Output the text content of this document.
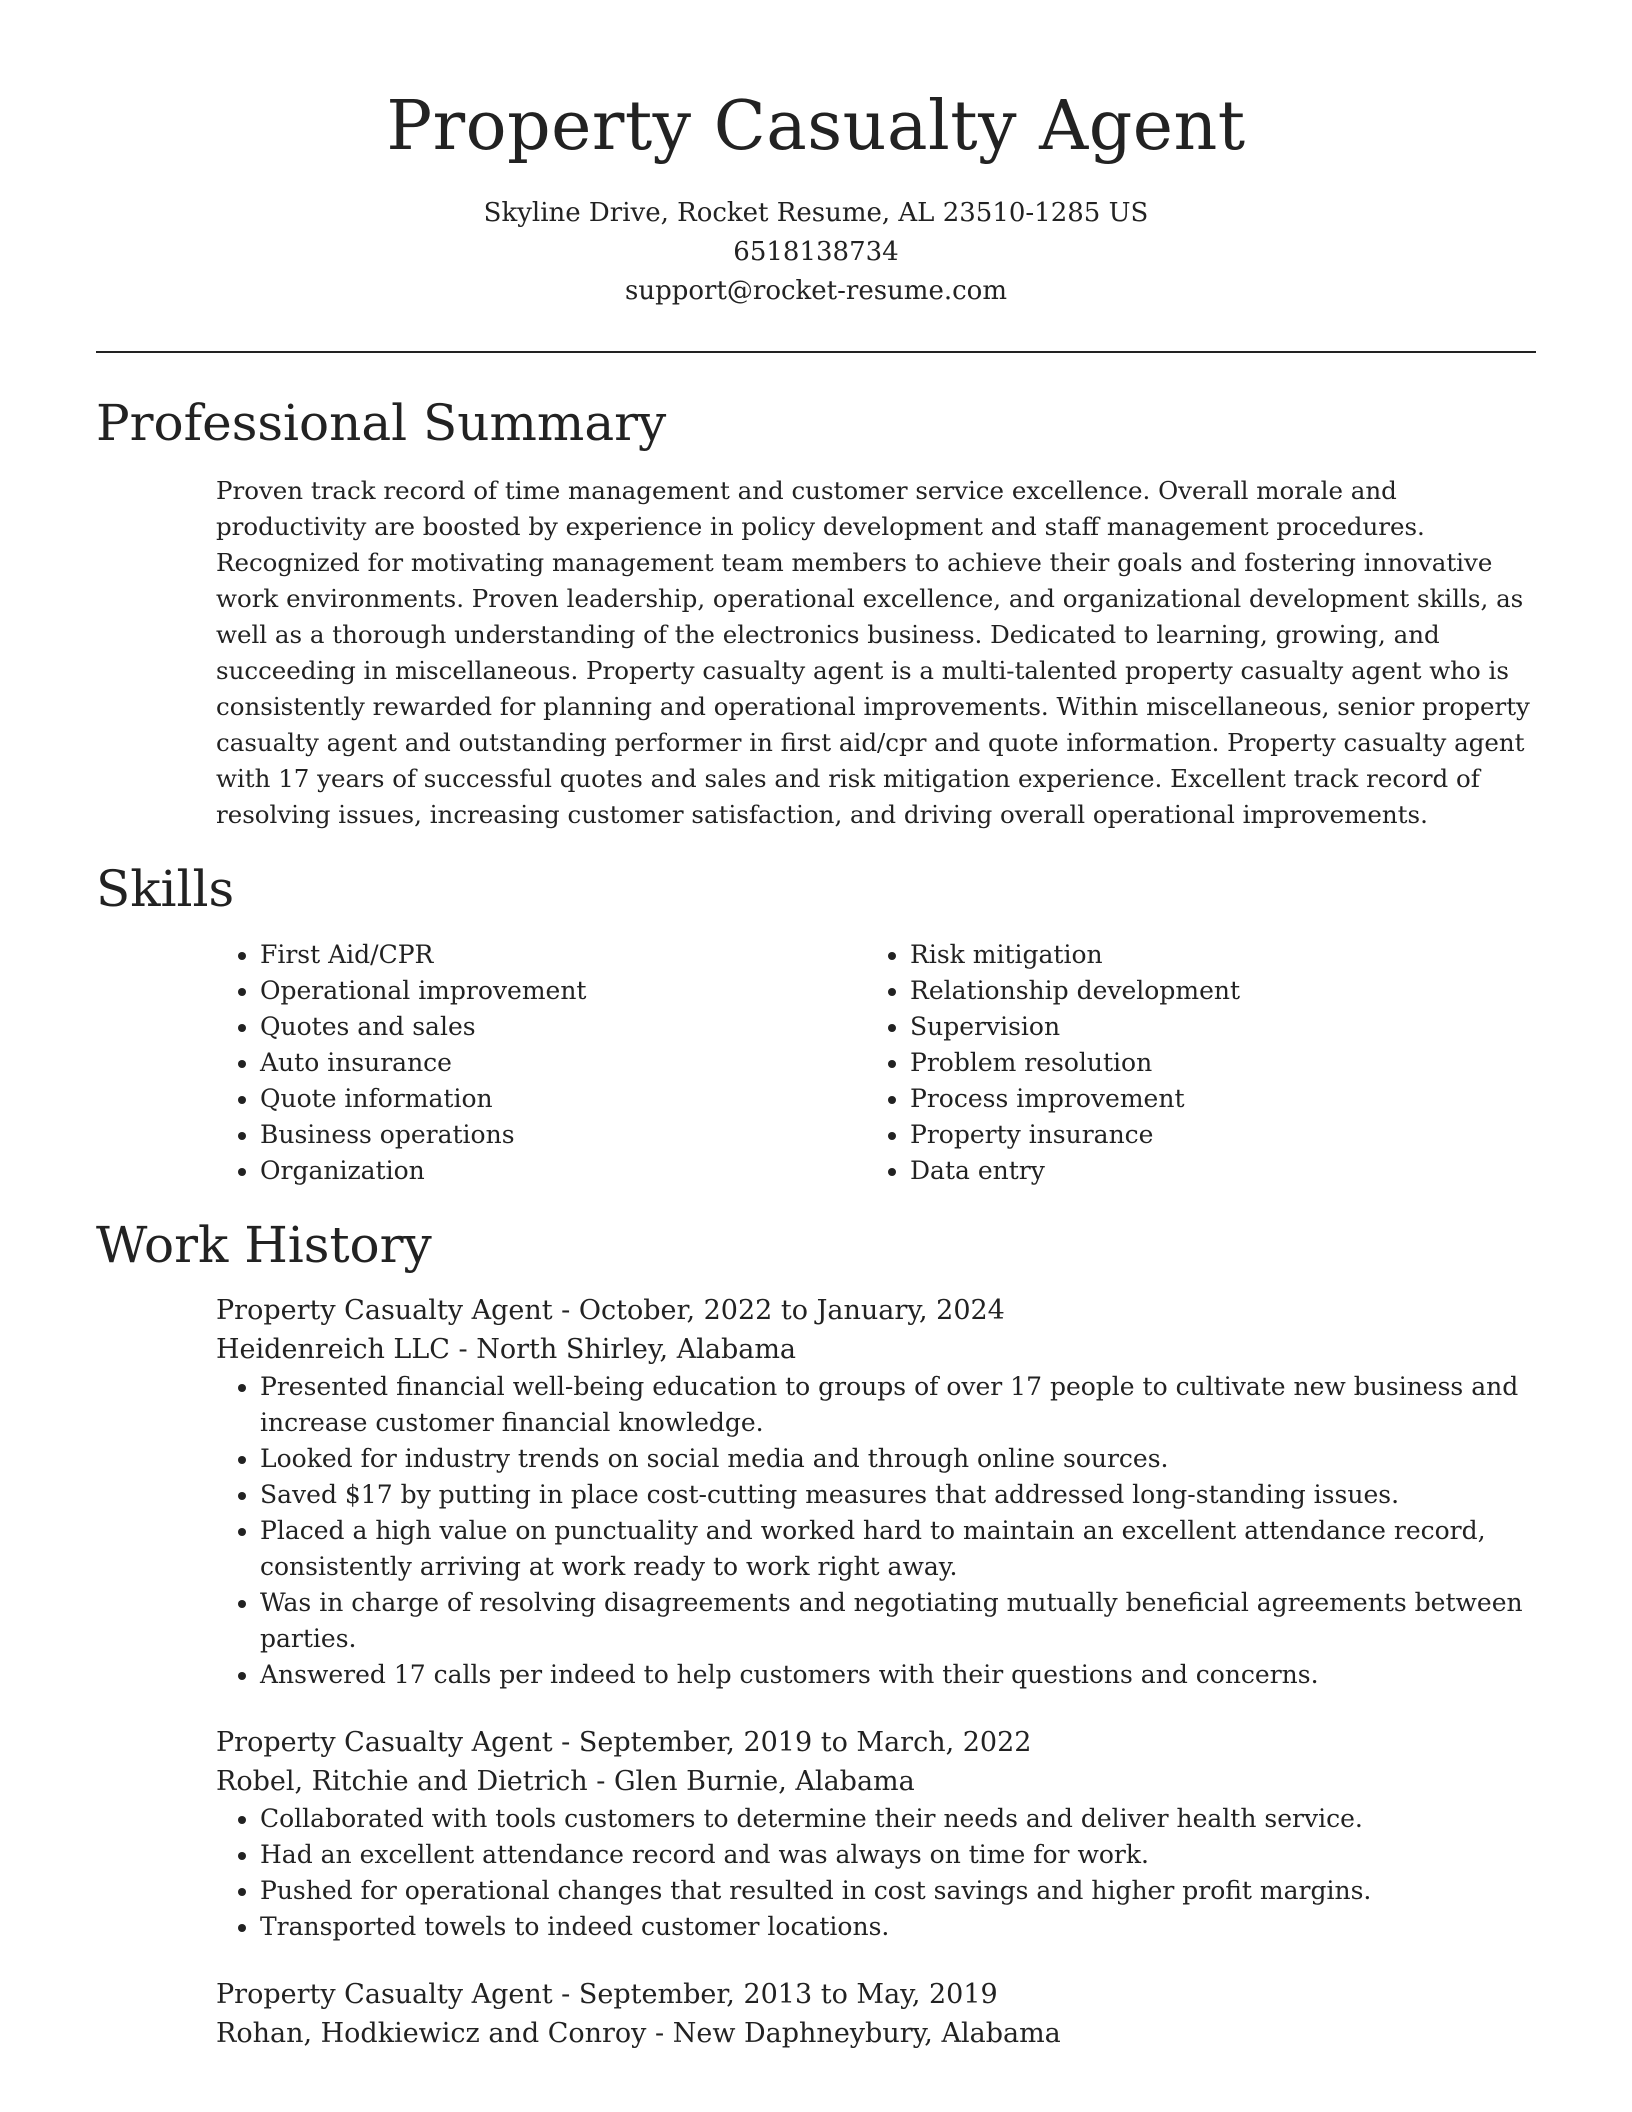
Property Casualty Agent
Skyline Drive, Rocket Resume, AL 23510-1285 US
6518138734
support@rocket-resume.com
Professional Summary

Proven track record of time management and customer service excellence. Overall morale and productivity are boosted by experience in policy development and staff management procedures. Recognized for motivating management team members to achieve their goals and fostering innovative work environments. Proven leadership, operational excellence, and organizational development skills, as well as a thorough understanding of the electronics business. Dedicated to learning, growing, and succeeding in miscellaneous. Property casualty agent is a multi-talented property casualty agent who is consistently rewarded for planning and operational improvements. Within miscellaneous, senior property casualty agent and outstanding performer in first aid/cpr and quote information. Property casualty agent with 17 years of successful quotes and sales and risk mitigation experience. Excellent track record of resolving issues, increasing customer satisfaction, and driving overall operational improvements.

Skills
• First Aid/CPR
• Operational improvement
• Quotes and sales
• Auto insurance
• Quote information
• Business operations
• Organization
• Risk mitigation
• Relationship development
• Supervision
• Problem resolution
• Process improvement
• Property insurance
• Data entry
Work History
Property Casualty Agent - October, 2022 to January, 2024
Heidenreich LLC - North Shirley, Alabama
• Presented financial well-being education to groups of over 17 people to cultivate new business and increase customer financial knowledge.
• Looked for industry trends on social media and through online sources.
• Saved $17 by putting in place cost-cutting measures that addressed long-standing issues.
• Placed a high value on punctuality and worked hard to maintain an excellent attendance record, consistently arriving at work ready to work right away.
• Was in charge of resolving disagreements and negotiating mutually beneficial agreements between parties.
• Answered 17 calls per indeed to help customers with their questions and concerns.
Property Casualty Agent - September, 2019 to March, 2022
Robel, Ritchie and Dietrich - Glen Burnie, Alabama
• Collaborated with tools customers to determine their needs and deliver health service.
• Had an excellent attendance record and was always on time for work.
• Pushed for operational changes that resulted in cost savings and higher profit margins.
• Transported towels to indeed customer locations.
Property Casualty Agent - September, 2013 to May, 2019
Rohan, Hodkiewicz and Conroy - New Daphneybury, Alabama
